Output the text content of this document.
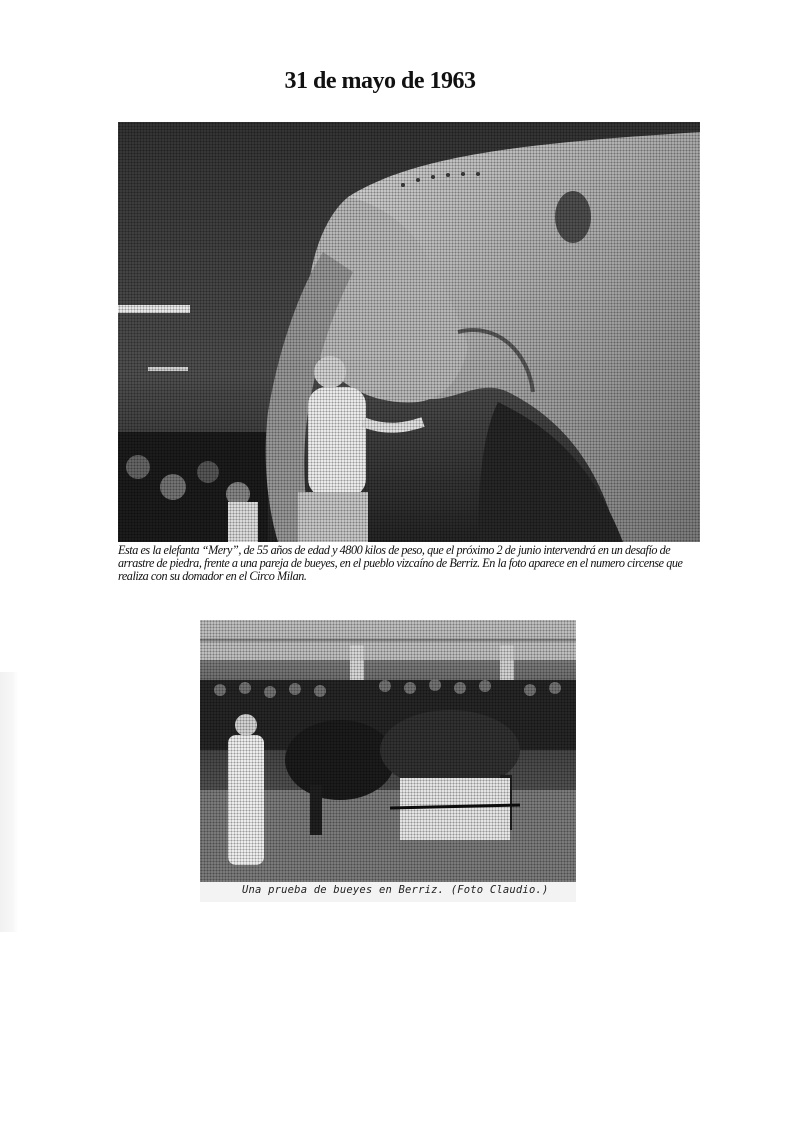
31 de mayo de 1963
Esta es la elefanta “Mery”, de 55 años de edad y 4800 kilos de peso, que el próximo 2 de junio intervendrá en un desafío de arrastre de piedra, frente a una pareja de bueyes, en el pueblo vizcaíno de Berriz. En la foto aparece en el numero circense que realiza con su domador en el Circo Milan.
Una prueba de bueyes en Berriz. (Foto Claudio.)
